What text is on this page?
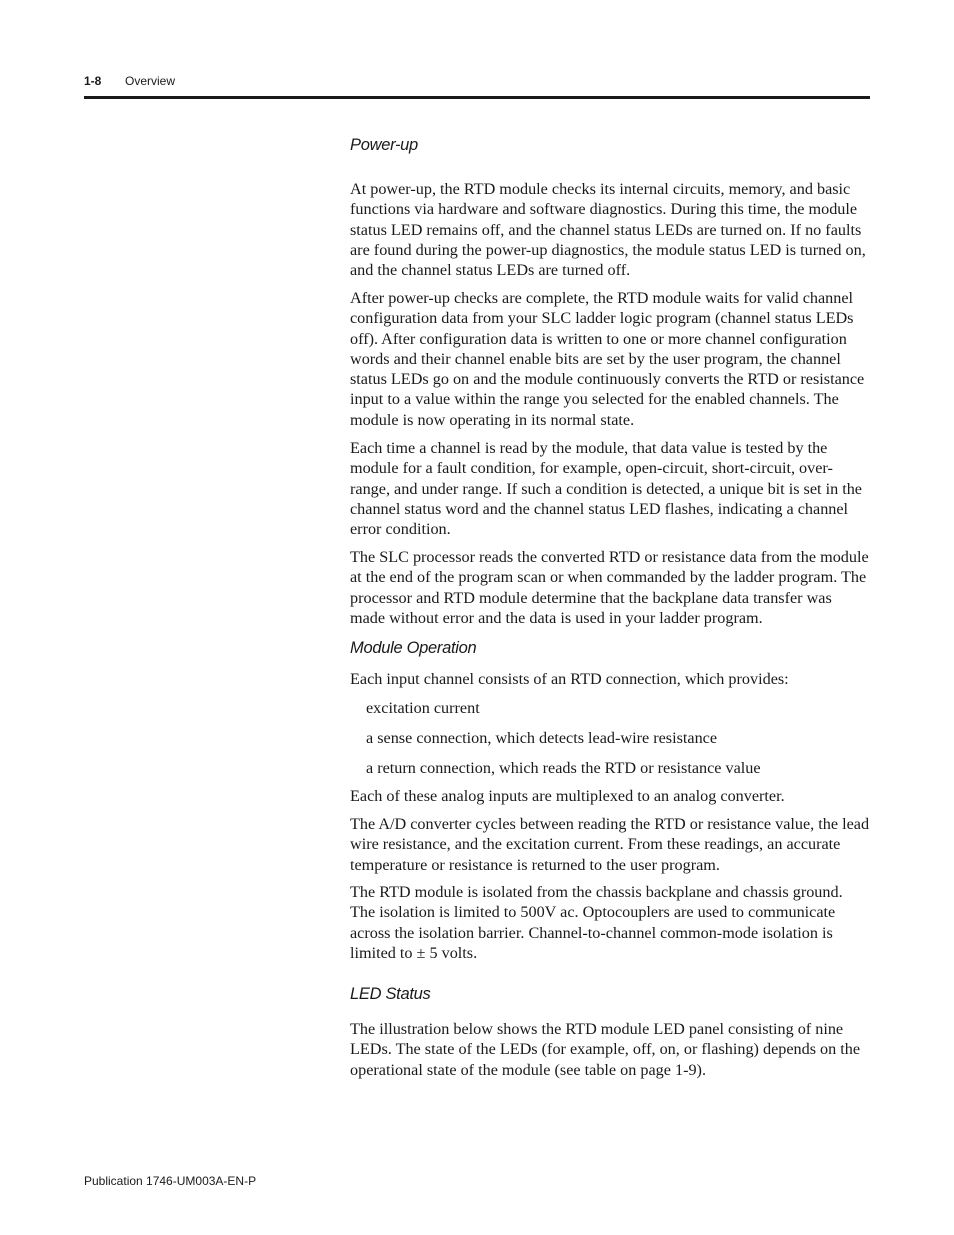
1-8 Overview
Power-up

At power-up, the RTD module checks its internal circuits, memory, and basic functions via hardware and software diagnostics. During this time, the module status LED remains off, and the channel status LEDs are turned on. If no faults are found during the power-up diagnostics, the module status LED is turned on, and the channel status LEDs are turned off.

After power-up checks are complete, the RTD module waits for valid channel configuration data from your SLC ladder logic program (channel status LEDs off). After configuration data is written to one or more channel configuration words and their channel enable bits are set by the user program, the channel status LEDs go on and the module continuously converts the RTD or resistance input to a value within the range you selected for the enabled channels. The module is now operating in its normal state.

Each time a channel is read by the module, that data value is tested by the module for a fault condition, for example, open-circuit, short-circuit, over-range, and under range. If such a condition is detected, a unique bit is set in the channel status word and the channel status LED flashes, indicating a channel error condition.

The SLC processor reads the converted RTD or resistance data from the module at the end of the program scan or when commanded by the ladder program. The processor and RTD module determine that the backplane data transfer was made without error and the data is used in your ladder program.

Module Operation

Each input channel consists of an RTD connection, which provides:

excitation current

a sense connection, which detects lead-wire resistance

a return connection, which reads the RTD or resistance value

Each of these analog inputs are multiplexed to an analog converter.

The A/D converter cycles between reading the RTD or resistance value, the lead wire resistance, and the excitation current. From these readings, an accurate temperature or resistance is returned to the user program.

The RTD module is isolated from the chassis backplane and chassis ground. The isolation is limited to 500V ac. Optocouplers are used to communicate across the isolation barrier. Channel-to-channel common-mode isolation is limited to ± 5 volts.

LED Status

The illustration below shows the RTD module LED panel consisting of nine LEDs. The state of the LEDs (for example, off, on, or flashing) depends on the operational state of the module (see table on page 1-9).

Publication 1746-UM003A-EN-P
